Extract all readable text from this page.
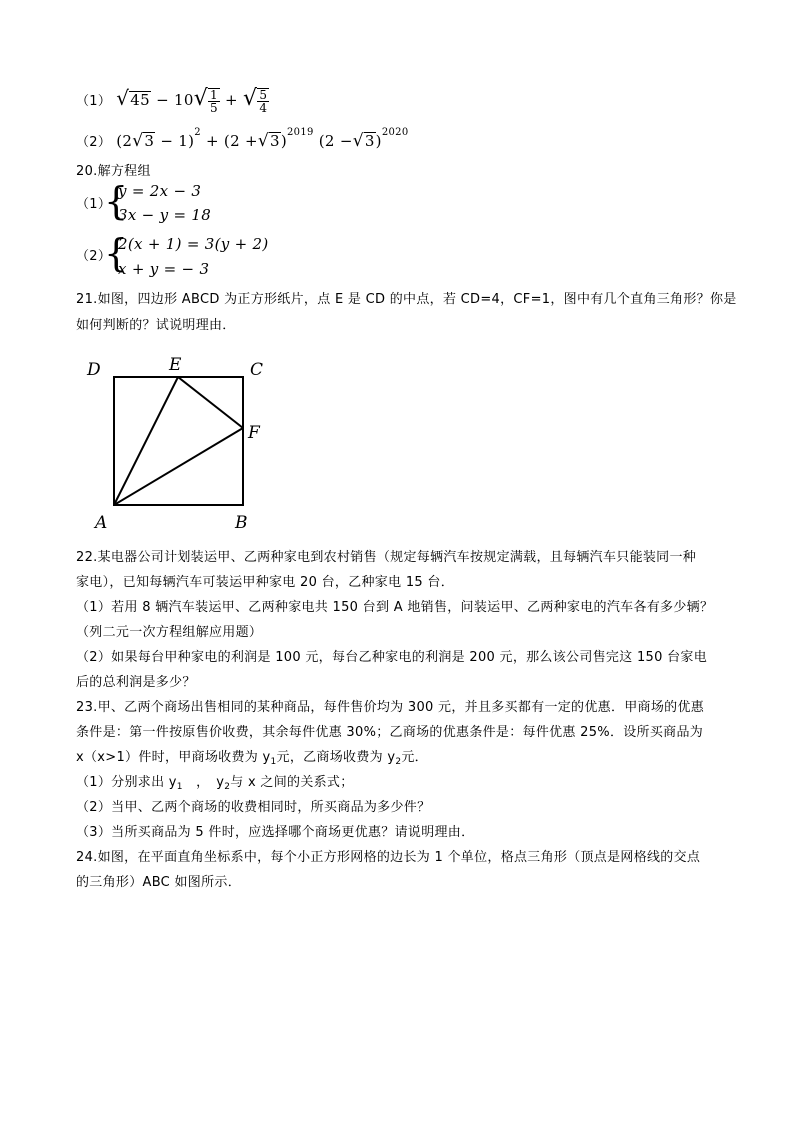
（1） $√45 - 10√ \frac{1}{5}$ + √ $\frac{5}{4}$
（2） $(2√3 - 1)^2 + (2 +√3)^{2019}$ $(2 -√3)^{2020}$
20.解方程组
（1）
{
y = 2x − 3
3x − y = 18
（2）
{
2(x + 1) = 3(y + 2)
x + y = − 3
21.如图，四边形 ABCD 为正方形纸片，点 E 是 CD 的中点，若 CD=4，CF=1，图中有几个直角三角形？你是
如何判断的？试说明理由．
D	E	C
F
A	B
22.某电器公司计划装运甲、乙两种家电到农村销售（规定每辆汽车按规定满载，且每辆汽车只能装同一种
家电），已知每辆汽车可装运甲种家电 20 台，乙种家电 15 台．
（1）若用 8 辆汽车装运甲、乙两种家电共 150 台到 A 地销售，问装运甲、乙两种家电的汽车各有多少辆？
（列二元一次方程组解应用题）
（2）如果每台甲种家电的利润是 100 元，每台乙种家电的利润是 200 元，那么该公司售完这 150 台家电
后的总利润是多少？
23.甲、乙两个商场出售相同的某种商品，每件售价均为 300 元，并且多买都有一定的优惠．甲商场的优惠
条件是：第一件按原售价收费，其余每件优惠 30%；乙商场的优惠条件是：每件优惠 25%．设所买商品为
x（x>1）件时，甲商场收费为 $y_1$元，乙商场收费为 $y_2$元．
（1）分别求出 $y_1$　，　$y_2$与 x 之间的关系式；
（2）当甲、乙两个商场的收费相同时，所买商品为多少件？
（3）当所买商品为 5 件时，应选择哪个商场更优惠？请说明理由．
24.如图，在平面直角坐标系中，每个小正方形网格的边长为 1 个单位，格点三角形（顶点是网格线的交点
的三角形）ABC 如图所示．
